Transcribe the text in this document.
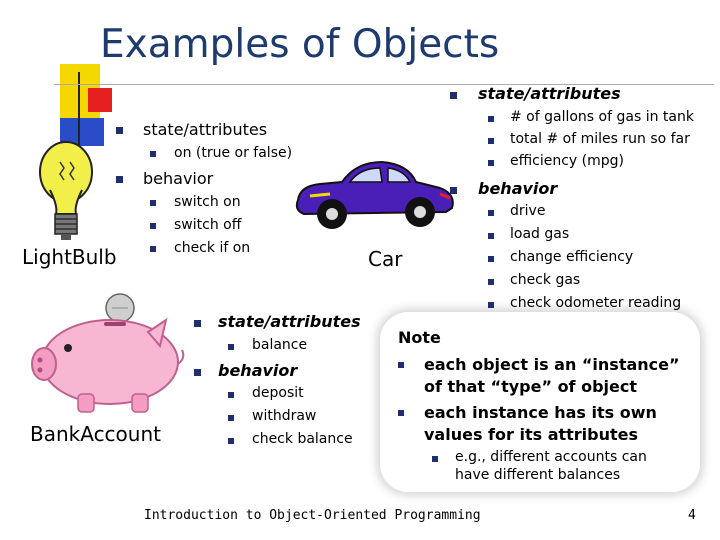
Examples of Objects
LightBulb
state/attributes
on (true or false)
behavior
switch on
switch off
check if on	Car
state/attributes
# of gallons of gas in tank
total # of miles run so far
efficiency (mpg)
behavior
drive
load gas
change efficiency
check gas
check odometer reading
BankAccount
state/attributes
balance
behavior
deposit
withdraw
check balance
Note
each object is an “instance”
of that “type” of object
each instance has its own
values for its attributes
e.g., different accounts can
have different balances
Introduction to Object-Oriented Programming	4
